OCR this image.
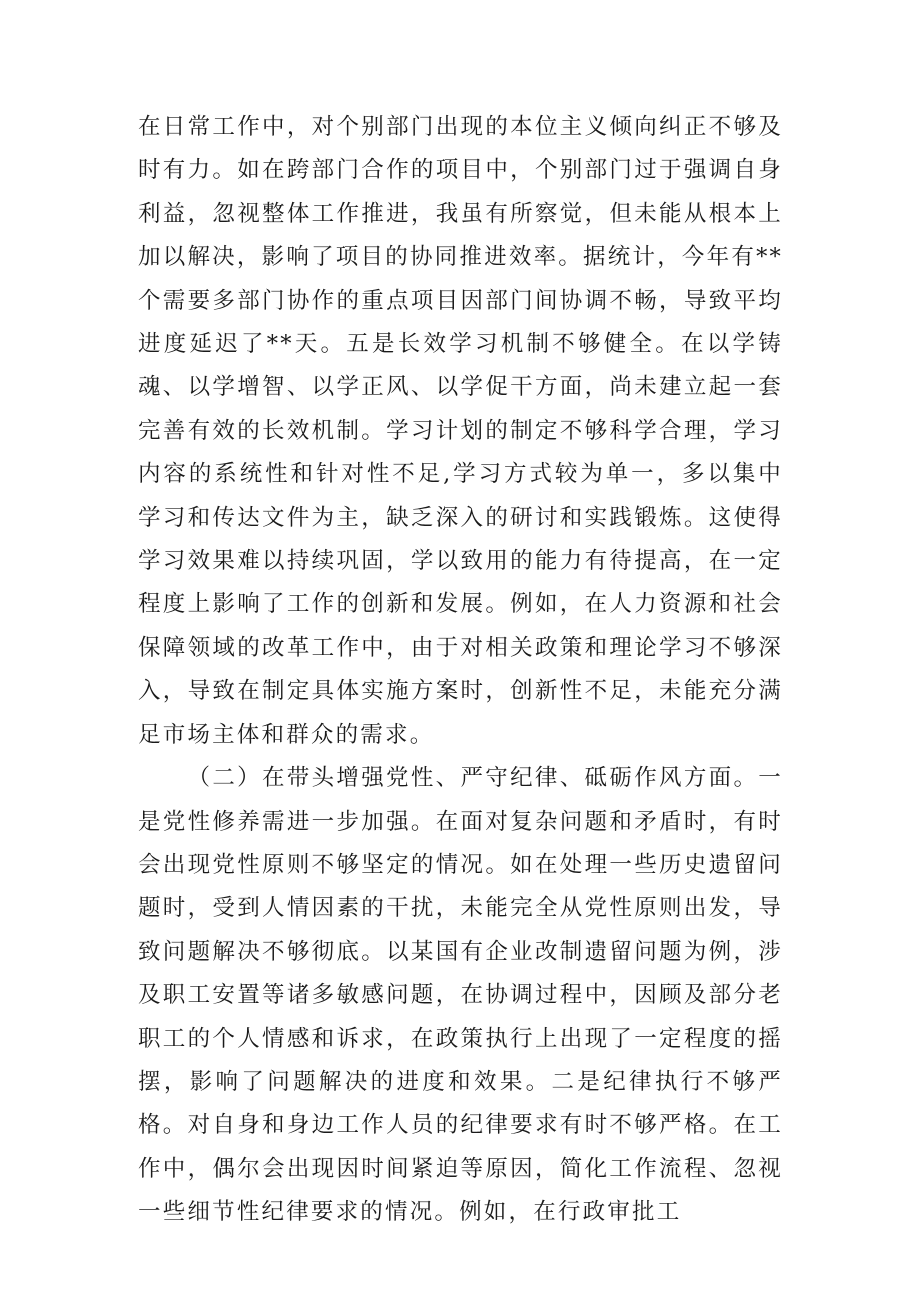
在日常工作中，对个别部门出现的本位主义倾向纠正不够及时有力。如在跨部门合作的项目中，个别部门过于强调自身利益，忽视整体工作推进，我虽有所察觉，但未能从根本上加以解决，影响了项目的协同推进效率。据统计，今年有**个需要多部门协作的重点项目因部门间协调不畅，导致平均进度延迟了**天。五是长效学习机制不够健全。在以学铸魂、以学增智、以学正风、以学促干方面，尚未建立起一套完善有效的长效机制。学习计划的制定不够科学合理，学习内容的系统性和针对性不足,学习方式较为单一，多以集中学习和传达文件为主，缺乏深入的研讨和实践锻炼。这使得学习效果难以持续巩固，学以致用的能力有待提高，在一定程度上影响了工作的创新和发展。例如，在人力资源和社会保障领域的改革工作中，由于对相关政策和理论学习不够深入，导致在制定具体实施方案时，创新性不足，未能充分满足市场主体和群众的需求。

（二）在带头增强党性、严守纪律、砥砺作风方面。一是党性修养需进一步加强。在面对复杂问题和矛盾时，有时会出现党性原则不够坚定的情况。如在处理一些历史遗留问题时，受到人情因素的干扰，未能完全从党性原则出发，导致问题解决不够彻底。以某国有企业改制遗留问题为例，涉及职工安置等诸多敏感问题，在协调过程中，因顾及部分老职工的个人情感和诉求，在政策执行上出现了一定程度的摇摆，影响了问题解决的进度和效果。二是纪律执行不够严格。对自身和身边工作人员的纪律要求有时不够严格。在工作中，偶尔会出现因时间紧迫等原因，简化工作流程、忽视一些细节性纪律要求的情况。例如，在行政审批工
